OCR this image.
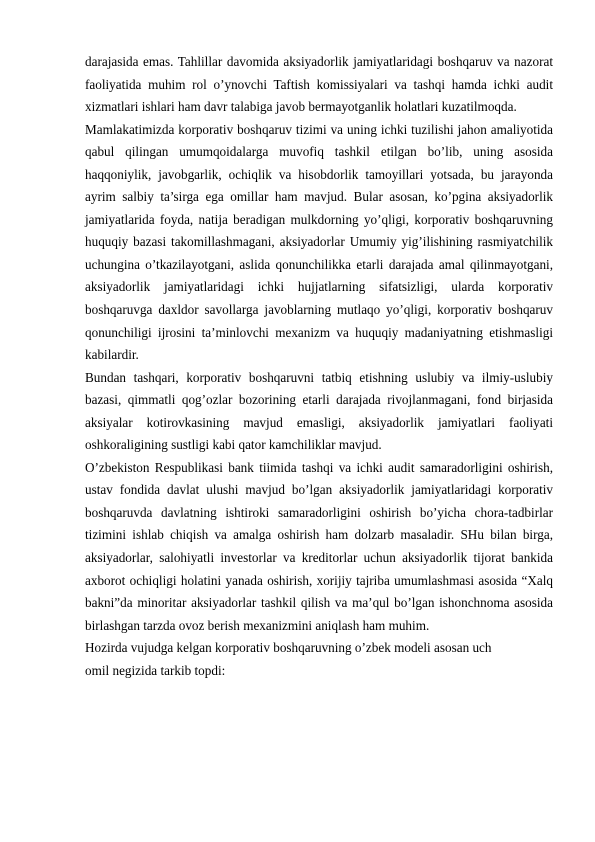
darajasida emas. Tahlillar davomida aksiyadorlik jamiyatlaridagi boshqaruv va nazorat faoliyatida muhim rol o’ynovchi Taftish komissiyalari va tashqi hamda ichki audit xizmatlari ishlari ham davr talabiga javob bermayotganlik holatlari kuzatilmoqda.

Mamlakatimizda korporativ boshqaruv tizimi va uning ichki tuzilishi jahon amaliyotida qabul qilingan umumqoidalarga muvofiq tashkil etilgan bo’lib, uning asosida haqqoniylik, javobgarlik, ochiqlik va hisobdorlik tamoyillari yotsada, bu jarayonda ayrim salbiy ta’sirga ega omillar ham mavjud. Bular asosan, ko’pgina aksiyadorlik jamiyatlarida foyda, natija beradigan mulkdorning yo’qligi, korporativ boshqaruvning huquqiy bazasi takomillashmagani, aksiyadorlar Umumiy yig’ilishining rasmiyatchilik uchungina o’tkazilayotgani, aslida qonunchilikka etarli darajada amal qilinmayotgani, aksiyadorlik jamiyatlaridagi ichki hujjatlarning sifatsizligi, ularda korporativ boshqaruvga daxldor savollarga javoblarning mutlaqo yo’qligi, korporativ boshqaruv qonunchiligi ijrosini ta’minlovchi mexanizm va huquqiy madaniyatning etishmasligi kabilardir.

Bundan tashqari, korporativ boshqaruvni tatbiq etishning uslubiy va ilmiy-uslubiy bazasi, qimmatli qog’ozlar bozorining etarli darajada rivojlanmagani, fond birjasida aksiyalar kotirovkasining mavjud emasligi, aksiyadorlik jamiyatlari faoliyati oshkoraligining sustligi kabi qator kamchiliklar mavjud.

O’zbekiston Respublikasi bank tiimida tashqi va ichki audit samaradorligini oshirish, ustav fondida davlat ulushi mavjud bo’lgan aksiyadorlik jamiyatlaridagi korporativ boshqaruvda davlatning ishtiroki samaradorligini oshirish bo’yicha chora-tadbirlar tizimini ishlab chiqish va amalga oshirish ham dolzarb masaladir. SHu bilan birga, aksiyadorlar, salohiyatli investorlar va kreditorlar uchun aksiyadorlik tijorat bankida axborot ochiqligi holatini yanada oshirish, xorijiy tajriba umumlashmasi asosida “Xalq bakni”da minoritar aksiyadorlar tashkil qilish va ma’qul bo’lgan ishonchnoma asosida birlashgan tarzda ovoz berish mexanizmini aniqlash ham muhim.

Hozirda vujudga kelgan korporativ boshqaruvning o’zbek modeli asosan uch

omil negizida tarkib topdi:
